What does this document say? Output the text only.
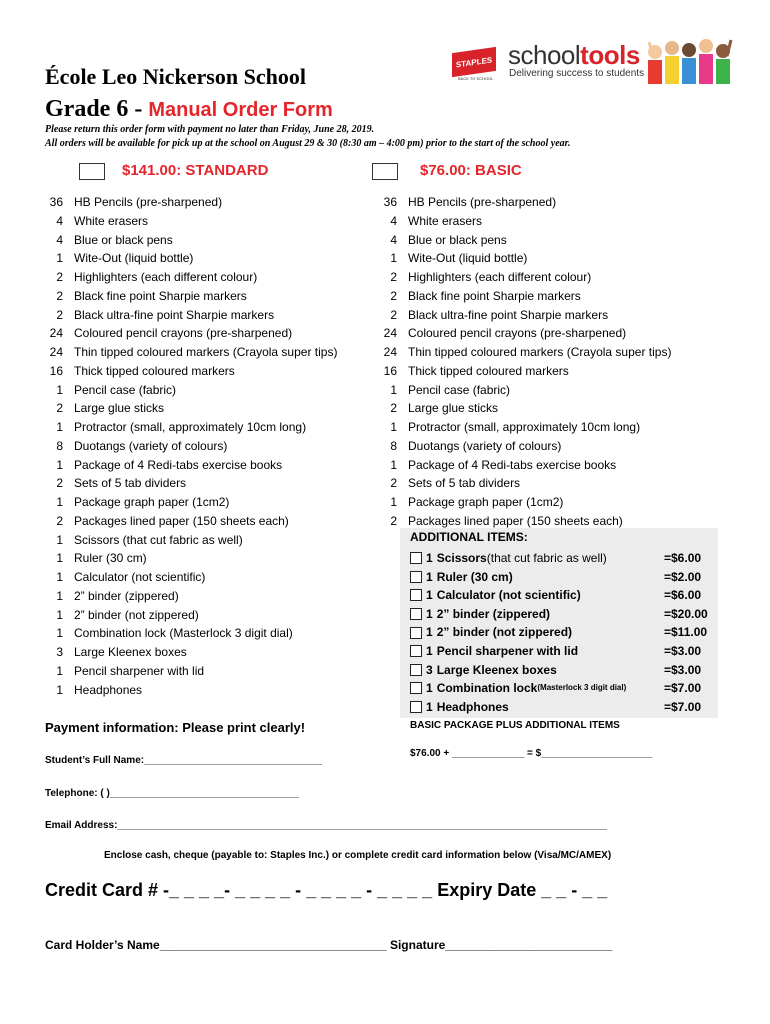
STAPLES
BACK TO SCHOOL
schooltools
Delivering success to students
École Leo Nickerson School
Grade 6 - Manual Order Form
Please return this order form with payment no later than Friday, June 28, 2019.
All orders will be available for pick up at the school on August 29 & 30 (8:30 am – 4:00 pm) prior to the start of the school year.
$141.00: STANDARD
36 HB Pencils (pre-sharpened)
4 White erasers
4 Blue or black pens
1 Wite-Out (liquid bottle)
2 Highlighters (each different colour)
2 Black fine point Sharpie markers
2 Black ultra-fine point Sharpie markers
24 Coloured pencil crayons (pre-sharpened)
24 Thin tipped coloured markers (Crayola super tips)
16 Thick tipped coloured markers
1 Pencil case (fabric)
2 Large glue sticks
1 Protractor (small, approximately 10cm long)
8 Duotangs (variety of colours)
1 Package of 4 Redi-tabs exercise books
2 Sets of 5 tab dividers
1 Package graph paper (1cm2)
2 Packages lined paper (150 sheets each)
1 Scissors (that cut fabric as well)
1 Ruler (30 cm)
1 Calculator (not scientific)
1 2” binder (zippered)
1 2” binder (not zippered)
1 Combination lock (Masterlock 3 digit dial)
3 Large Kleenex boxes
1 Pencil sharpener with lid
1 Headphones
$76.00: BASIC
36 HB Pencils (pre-sharpened)
4 White erasers
4 Blue or black pens
1 Wite-Out (liquid bottle)
2 Highlighters (each different colour)
2 Black fine point Sharpie markers
2 Black ultra-fine point Sharpie markers
24 Coloured pencil crayons (pre-sharpened)
24 Thin tipped coloured markers (Crayola super tips)
16 Thick tipped coloured markers
1 Pencil case (fabric)
2 Large glue sticks
1 Protractor (small, approximately 10cm long)
8 Duotangs (variety of colours)
1 Package of 4 Redi-tabs exercise books
2 Sets of 5 tab dividers
1 Package graph paper (1cm2)
2 Packages lined paper (150 sheets each)
ADDITIONAL ITEMS:
1 Scissors (that cut fabric as well)
1 Ruler (30 cm)
1 Calculator (not scientific)
1 2” binder (zippered)
1 2” binder (not zippered)
1 Pencil sharpener with lid
3 Large Kleenex boxes
1 Combination lock (Masterlock 3 digit dial)
1 Headphones
=$6.00
=$2.00
=$6.00
=$20.00
=$11.00
=$3.00
=$3.00
=$7.00
=$7.00
BASIC PACKAGE PLUS ADDITIONAL ITEMS
$76.00 + _____________ = $____________________
Payment information: Please print clearly!
Student’s Full Name:________________________________
Telephone: ( )__________________________________
Email Address:________________________________________________________________________________________
Enclose cash, cheque (payable to: Staples Inc.) or complete credit card information below (Visa/MC/AMEX)
Credit Card # -_ _ _ _- _ _ _ _ - _ _ _ _ - _ _ _ _ Expiry Date _ _ - _ _
Card Holder’s Name__________________________________ Signature_________________________
